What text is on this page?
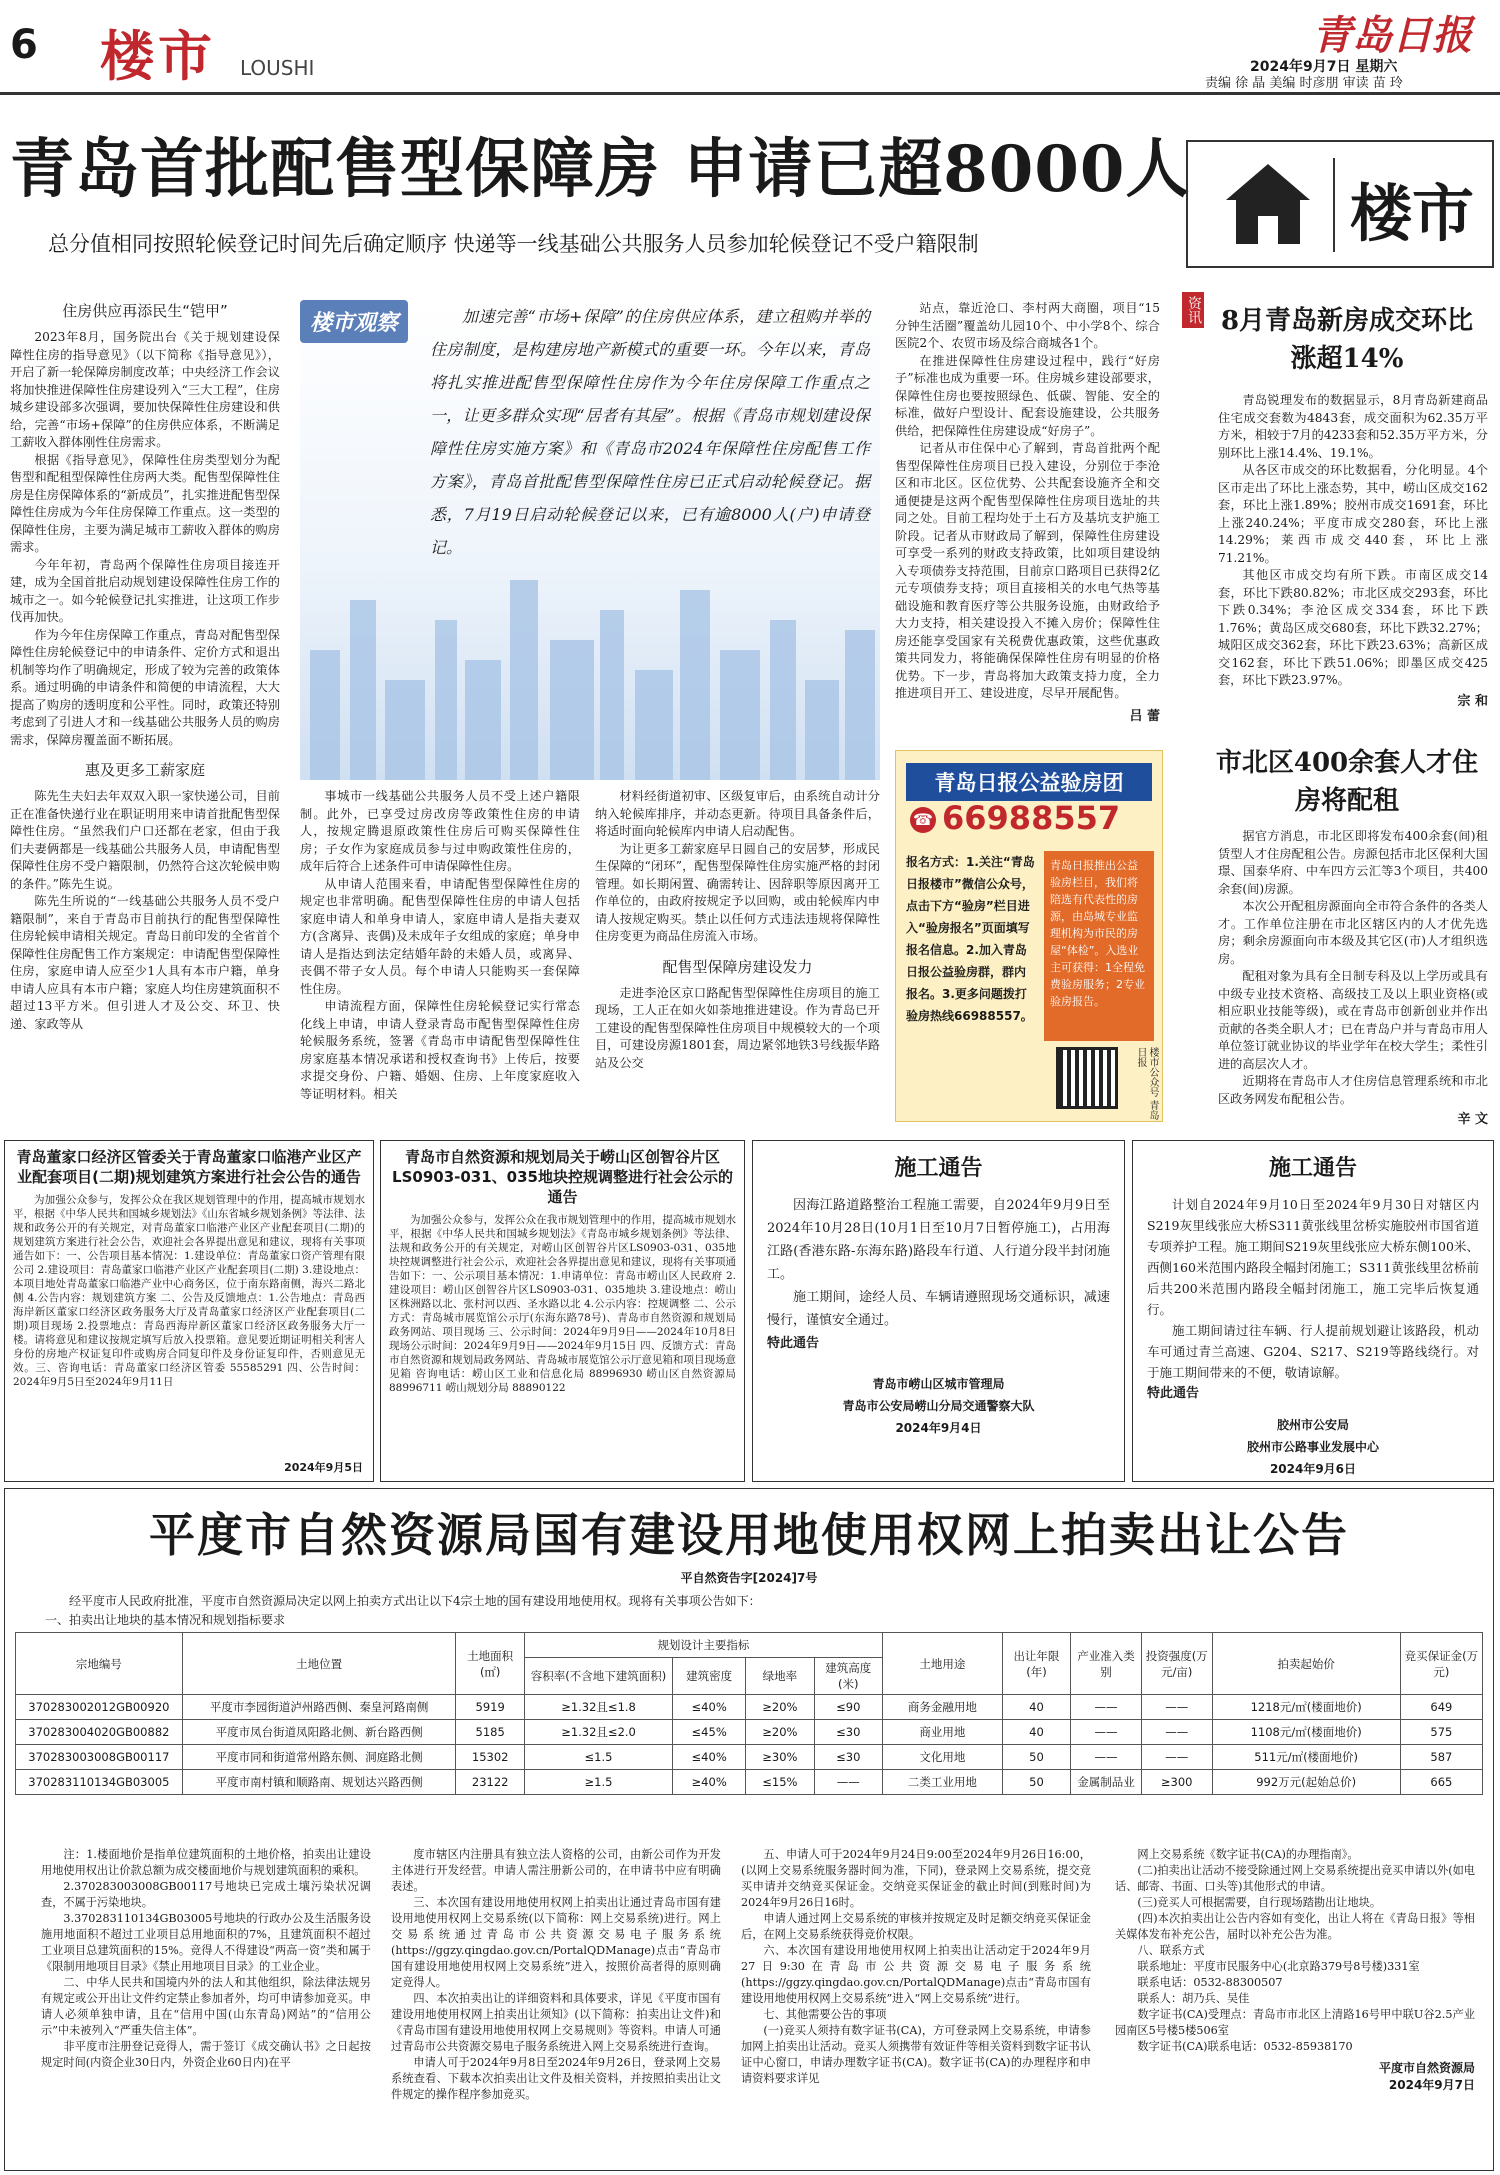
6 楼市 LOUSHI
青岛日报
2024年9月7日 星期六
责编 徐 晶 美编 时彦朋 审读 苗 玲
青岛首批配售型保障房 申请已超8000人
总分值相同按照轮候登记时间先后确定顺序 快递等一线基础公共服务人员参加轮候登记不受户籍限制	楼市
住房供应再添民生“铠甲”

2023年8月，国务院出台《关于规划建设保障性住房的指导意见》（以下简称《指导意见》），开启了新一轮保障房制度改革；中央经济工作会议将加快推进保障性住房建设列入“三大工程”，住房城乡建设部多次强调，要加快保障性住房建设和供给，完善“市场+保障”的住房供应体系，不断满足工薪收入群体刚性住房需求。

根据《指导意见》，保障性住房类型划分为配售型和配租型保障性住房两大类。配售型保障性住房是住房保障体系的“新成员”，扎实推进配售型保障性住房成为今年住房保障工作重点。这一类型的保障性住房，主要为满足城市工薪收入群体的购房需求。

今年年初，青岛两个保障性住房项目接连开建，成为全国首批启动规划建设保障性住房工作的城市之一。如今轮候登记扎实推进，让这项工作步伐再加快。

作为今年住房保障工作重点，青岛对配售型保障性住房轮候登记中的申请条件、定价方式和退出机制等均作了明确规定，形成了较为完善的政策体系。通过明确的申请条件和简便的申请流程，大大提高了购房的透明度和公平性。同时，政策还特别考虑到了引进人才和一线基础公共服务人员的购房需求，保障房覆盖面不断拓展。

惠及更多工薪家庭

陈先生夫妇去年双双入职一家快递公司，目前正在准备快递行业在职证明用来申请首批配售型保障性住房。“虽然我们户口还都在老家，但由于我们夫妻俩都是一线基础公共服务人员，申请配售型保障性住房不受户籍限制，仍然符合这次轮候申购的条件。”陈先生说。

陈先生所说的“一线基础公共服务人员不受户籍限制”，来自于青岛市目前执行的配售型保障性住房轮候申请相关规定。青岛日前印发的全省首个保障性住房配售工作方案规定：申请配售型保障性住房，家庭申请人应至少1人具有本市户籍，单身申请人应具有本市户籍；家庭人均住房建筑面积不超过13平方米。但引进人才及公交、环卫、快递、家政等从

楼市观察	加速完善“市场+保障”的住房供应体系，建立租购并举的住房制度，是构建房地产新模式的重要一环。今年以来，青岛将扎实推进配售型保障性住房作为今年住房保障工作重点之一，让更多群众实现“居者有其屋”。根据《青岛市规划建设保障性住房实施方案》和《青岛市2024年保障性住房配售工作方案》，青岛首批配售型保障性住房已正式启动轮候登记。据悉，7月19日启动轮候登记以来，已有逾8000人(户)申请登记。

事城市一线基础公共服务人员不受上述户籍限制。此外，已享受过房改房等政策性住房的申请人，按规定腾退原政策性住房后可购买保障性住房；子女作为家庭成员参与过申购政策性住房的，成年后符合上述条件可申请保障性住房。

从申请人范围来看，申请配售型保障性住房的规定也非常明确。配售型保障性住房的申请人包括家庭申请人和单身申请人，家庭申请人是指夫妻双方(含离异、丧偶)及未成年子女组成的家庭；单身申请人是指达到法定结婚年龄的未婚人员，或离异、丧偶不带子女人员。每个申请人只能购买一套保障性住房。

申请流程方面，保障性住房轮候登记实行常态化线上申请，申请人登录青岛市配售型保障性住房轮候服务系统，签署《青岛市申请配售型保障性住房家庭基本情况承诺和授权查询书》上传后，按要求提交身份、户籍、婚姻、住房、上年度家庭收入等证明材料。相关

材料经街道初审、区级复审后，由系统自动计分纳入轮候库排序，并动态更新。待项目具备条件后，将适时面向轮候库内申请人启动配售。

为让更多工薪家庭早日圆自己的安居梦，形成民生保障的“闭环”，配售型保障性住房实施严格的封闭管理。如长期闲置、确需转让、因辞职等原因离开工作单位的，由政府按规定予以回购，或由轮候库内申请人按规定购买。禁止以任何方式违法违规将保障性住房变更为商品住房流入市场。

配售型保障房建设发力

走进李沧区京口路配售型保障性住房项目的施工现场，工人正在如火如荼地推进建设。作为青岛已开工建设的配售型保障性住房项目中规模较大的一个项目，可建设房源1801套，周边紧邻地铁3号线振华路站及公交

站点，靠近沧口、李村两大商圈，项目“15分钟生活圈”覆盖幼儿园10个、中小学8个、综合医院2个、农贸市场及综合商城各1个。

在推进保障性住房建设过程中，践行“好房子”标准也成为重要一环。住房城乡建设部要求，保障性住房也要按照绿色、低碳、智能、安全的标准，做好户型设计、配套设施建设，公共服务供给，把保障性住房建设成“好房子”。

记者从市住保中心了解到，青岛首批两个配售型保障性住房项目已投入建设，分别位于李沧区和市北区。区位优势、公共配套设施齐全和交通便捷是这两个配售型保障性住房项目选址的共同之处。目前工程均处于土石方及基坑支护施工阶段。记者从市财政局了解到，保障性住房建设可享受一系列的财政支持政策，比如项目建设纳入专项债券支持范围，目前京口路项目已获得2亿元专项债券支持；项目直接相关的水电气热等基础设施和教育医疗等公共服务设施，由财政给予大力支持，相关建设投入不摊入房价；保障性住房还能享受国家有关税费优惠政策，这些优惠政策共同发力，将能确保保障性住房有明显的价格优势。下一步，青岛将加大政策支持力度，全力推进项目开工、建设进度，尽早开展配售。

吕 蕾
青岛日报公益验房团
☎ 66988557
报名方式：1.关注“青岛日报楼市”微信公众号，点击下方“验房”栏目进入“验房报名”页面填写报名信息。2.加入青岛日报公益验房群，群内报名。3.更多问题拨打验房热线66988557。
青岛日报推出公益验房栏目，我们将陪选有代表性的房源，由岛城专业监理机构为市民的房屋“体检”。入选业主可获得：1全程免费验房服务；2专业验房报告。
楼市公众号 青岛日报
资讯 8月青岛新房成交环比涨超14%

青岛锐理发布的数据显示，8月青岛新建商品住宅成交套数为4843套，成交面积为62.35万平方米，相较于7月的4233套和52.35万平方米，分别环比上涨14.4%、19.1%。

从各区市成交的环比数据看，分化明显。4个区市走出了环比上涨态势，其中，崂山区成交162套，环比上涨1.89%；胶州市成交1691套，环比上涨240.24%；平度市成交280套，环比上涨14.29%；莱西市成交440套，环比上涨71.21%。

其他区市成交均有所下跌。市南区成交14套，环比下跌80.82%；市北区成交293套，环比下跌0.34%；李沧区成交334套，环比下跌1.76%；黄岛区成交680套，环比下跌32.27%；城阳区成交362套，环比下跌23.63%；高新区成交162套，环比下跌51.06%；即墨区成交425套，环比下跌23.97%。

宗 和
市北区400余套人才住房将配租

据官方消息，市北区即将发布400余套(间)租赁型人才住房配租公告。房源包括市北区保利大国璟、国泰华府、中车四方云汇等3个项目，共400余套(间)房源。

本次公开配租房源面向全市符合条件的各类人才。工作单位注册在市北区辖区内的人才优先选房；剩余房源面向市本级及其它区(市)人才组织选房。

配租对象为具有全日制专科及以上学历或具有中级专业技术资格、高级技工及以上职业资格(或相应职业技能等级)，或在青岛市创新创业并作出贡献的各类全职人才；已在青岛户并与青岛市用人单位签订就业协议的毕业学年在校大学生；柔性引进的高层次人才。

近期将在青岛市人才住房信息管理系统和市北区政务网发布配租公告。

辛 文
青岛董家口经济区管委关于青岛董家口临港产业区产业配套项目(二期)规划建筑方案进行社会公告的通告
为加强公众参与，发挥公众在我区规划管理中的作用，提高城市规划水平，根据《中华人民共和国城乡规划法》《山东省城乡规划条例》等法律、法规和政务公开的有关规定，对青岛董家口临港产业区产业配套项目(二期)的规划建筑方案进行社会公告，欢迎社会各界提出意见和建议，现将有关事项通告如下：一、公告项目基本情况：1.建设单位：青岛董家口资产管理有限公司 2.建设项目：青岛董家口临港产业区产业配套项目(二期) 3.建设地点：本项目地处青岛董家口临港产业中心商务区，位于南东路南侧，海兴二路北侧 4.公告内容：规划建筑方案 二、公告及反馈地点：1.公告地点：青岛西海岸新区董家口经济区政务服务大厅及青岛董家口经济区产业配套项目(二期)项目现场 2.投票地点：青岛西海岸新区董家口经济区政务服务大厅一楼。请将意见和建议按规定填写后放入投票箱。意见要近期证明相关利害人身份的房地产权证复印件或购房合同复印件及身份证复印件，否则意见无效。三、咨询电话：青岛董家口经济区管委 55585291 四、公告时间：2024年9月5日至2024年9月11日
2024年9月5日
青岛市自然资源和规划局关于崂山区创智谷片区LS0903-031、035地块控规调整进行社会公示的通告
为加强公众参与，发挥公众在我市规划管理中的作用，提高城市规划水平，根据《中华人民共和国城乡规划法》《青岛市城乡规划条例》等法律、法规和政务公开的有关规定，对崂山区创智谷片区LS0903-031、035地块控规调整进行社会公示，欢迎社会各界提出意见和建议，现将有关事项通告如下：一、公示项目基本情况：1.申请单位：青岛市崂山区人民政府 2.建设项目：崂山区创智谷片区LS0903-031、035地块 3.建设地点：崂山区株洲路以北、张村河以西、圣水路以北 4.公示内容：控规调整 二、公示方式：青岛城市展览馆公示厅(东海东路78号)、青岛市自然资源和规划局政务网站、项目现场 三、公示时间：2024年9月9日——2024年10月8日 现场公示时间：2024年9月9日——2024年9月15日 四、反馈方式：青岛市自然资源和规划局政务网站、青岛城市展览馆公示厅意见箱和项目现场意见箱 咨询电话：崂山区工业和信息化局 88996930 崂山区自然资源局 88996711 崂山规划分局 88890122
施工通告

因海江路道路整治工程施工需要，自2024年9月9日至2024年10月28日(10月1日至10月7日暂停施工)，占用海江路(香港东路-东海东路)路段车行道、人行道分段半封闭施工。

施工期间，途经人员、车辆请遵照现场交通标识，减速慢行，谨慎安全通过。

特此通告
青岛市崂山区城市管理局
青岛市公安局崂山分局交通警察大队
2024年9月4日
施工通告

计划自2024年9月10日至2024年9月30日对辖区内S219灰里线张应大桥S311黄张线里岔桥实施胶州市国省道专项养护工程。施工期间S219灰里线张应大桥东侧100米、西侧160米范围内路段全幅封闭施工；S311黄张线里岔桥前后共200米范围内路段全幅封闭施工，施工完毕后恢复通行。

施工期间请过往车辆、行人提前规划避让该路段，机动车可通过青兰高速、G204、S217、S219等路线绕行。对于施工期间带来的不便，敬请谅解。

特此通告
胶州市公安局
胶州市公路事业发展中心
2024年9月6日
平度市自然资源局国有建设用地使用权网上拍卖出让公告
平自然资告字[2024]7号
经平度市人民政府批准，平度市自然资源局决定以网上拍卖方式出让以下4宗土地的国有建设用地使用权。现将有关事项公告如下：
一、拍卖出让地块的基本情况和规划指标要求
宗地编号	土地位置	土地面积(㎡)	规划设计主要指标				土地用途	出让年限(年)	产业准入类别	投资强度(万元/亩)	拍卖起始价	竞买保证金(万元)
			容积率(不含地下建筑面积)	建筑密度	绿地率	建筑高度(米)						
370283002012GB00920	平度市李园街道泸州路西侧、秦皇河路南侧	5919	≥1.32且≤1.8	≤40%	≥20%	≤90	商务金融用地	40	——	——	1218元/㎡(楼面地价)	649
370283004020GB00882	平度市凤台街道凤阳路北侧、新台路西侧	5185	≥1.32且≤2.0	≤45%	≥20%	≤30	商业用地	40	——	——	1108元/㎡(楼面地价)	575
370283003008GB00117	平度市同和街道常州路东侧、洞庭路北侧	15302	≤1.5	≤40%	≥30%	≤30	文化用地	50	——	——	511元/㎡(楼面地价)	587
370283110134GB03005	平度市南村镇和顺路南、规划达兴路西侧	23122	≥1.5	≥40%	≤15%	——	二类工业用地	50	金属制品业	≥300	992万元(起始总价)	665

注：1.楼面地价是指单位建筑面积的土地价格，拍卖出让建设用地使用权出让价款总额为成交楼面地价与规划建筑面积的乘积。

2.370283003008GB00117号地块已完成土壤污染状况调查，不属于污染地块。

3.370283110134GB03005号地块的行政办公及生活服务设施用地面积不超过工业项目总用地面积的7%，且建筑面积不超过工业项目总建筑面积的15%。竞得人不得建设“两高一资”类和属于《限制用地项目目录》《禁止用地项目目录》的工业企业。

二、中华人民共和国境内外的法人和其他组织，除法律法规另有规定或公开出让文件约定禁止参加者外，均可申请参加竞买。申请人必须单独申请，且在“信用中国(山东青岛)网站”的“信用公示”中未被列入“严重失信主体”。

非平度市注册登记竞得人，需于签订《成交确认书》之日起按规定时间(内资企业30日内，外资企业60日内)在平

度市辖区内注册具有独立法人资格的公司，由新公司作为开发主体进行开发经营。申请人需注册新公司的，在申请书中应有明确表述。

三、本次国有建设用地使用权网上拍卖出让通过青岛市国有建设用地使用权网上交易系统(以下简称：网上交易系统)进行。网上交易系统通过青岛市公共资源交易电子服务系统(https://ggzy.qingdao.gov.cn/PortalQDManage)点击“青岛市国有建设用地使用权网上交易系统”进入，按照价高者得的原则确定竞得人。

四、本次拍卖出让的详细资料和具体要求，详见《平度市国有建设用地使用权网上拍卖出让须知》(以下简称：拍卖出让文件)和《青岛市国有建设用地使用权网上交易规则》等资料。申请人可通过青岛市公共资源交易电子服务系统进入网上交易系统进行查询。

申请人可于2024年9月8日至2024年9月26日，登录网上交易系统查看、下载本次拍卖出让文件及相关资料，并按照拍卖出让文件规定的操作程序参加竞买。

五、申请人可于2024年9月24日9:00至2024年9月26日16:00，(以网上交易系统服务器时间为准，下同)，登录网上交易系统，提交竞买申请并交纳竞买保证金。交纳竞买保证金的截止时间(到账时间)为2024年9月26日16时。

申请人通过网上交易系统的审核并按规定及时足额交纳竞买保证金后，在网上交易系统获得竞价权限。

六、本次国有建设用地使用权网上拍卖出让活动定于2024年9月27日9:30在青岛市公共资源交易电子服务系统(https://ggzy.qingdao.gov.cn/PortalQDManage)点击“青岛市国有建设用地使用权网上交易系统”进入“网上交易系统”进行。

七、其他需要公告的事项

(一)竞买人须持有数字证书(CA)，方可登录网上交易系统，申请参加网上拍卖出让活动。竞买人须携带有效证件等相关资料到数字证书认证中心窗口，申请办理数字证书(CA)。数字证书(CA)的办理程序和申请资料要求详见

网上交易系统《数字证书(CA)的办理指南》。

(二)拍卖出让活动不接受除通过网上交易系统提出竞买申请以外(如电话、邮寄、书面、口头等)其他形式的申请。

(三)竞买人可根据需要，自行现场踏勘出让地块。

(四)本次拍卖出让公告内容如有变化，出让人将在《青岛日报》等相关媒体发布补充公告，届时以补充公告为准。

八、联系方式

联系地址：平度市民服务中心(北京路379号8号楼)331室

联系电话：0532-88300507

联系人：胡乃兵、吴佳

数字证书(CA)受理点：青岛市市北区上清路16号甲中联U谷2.5产业园南区5号楼5楼506室

数字证书(CA)联系电话：0532-85938170

平度市自然资源局
2024年9月7日
